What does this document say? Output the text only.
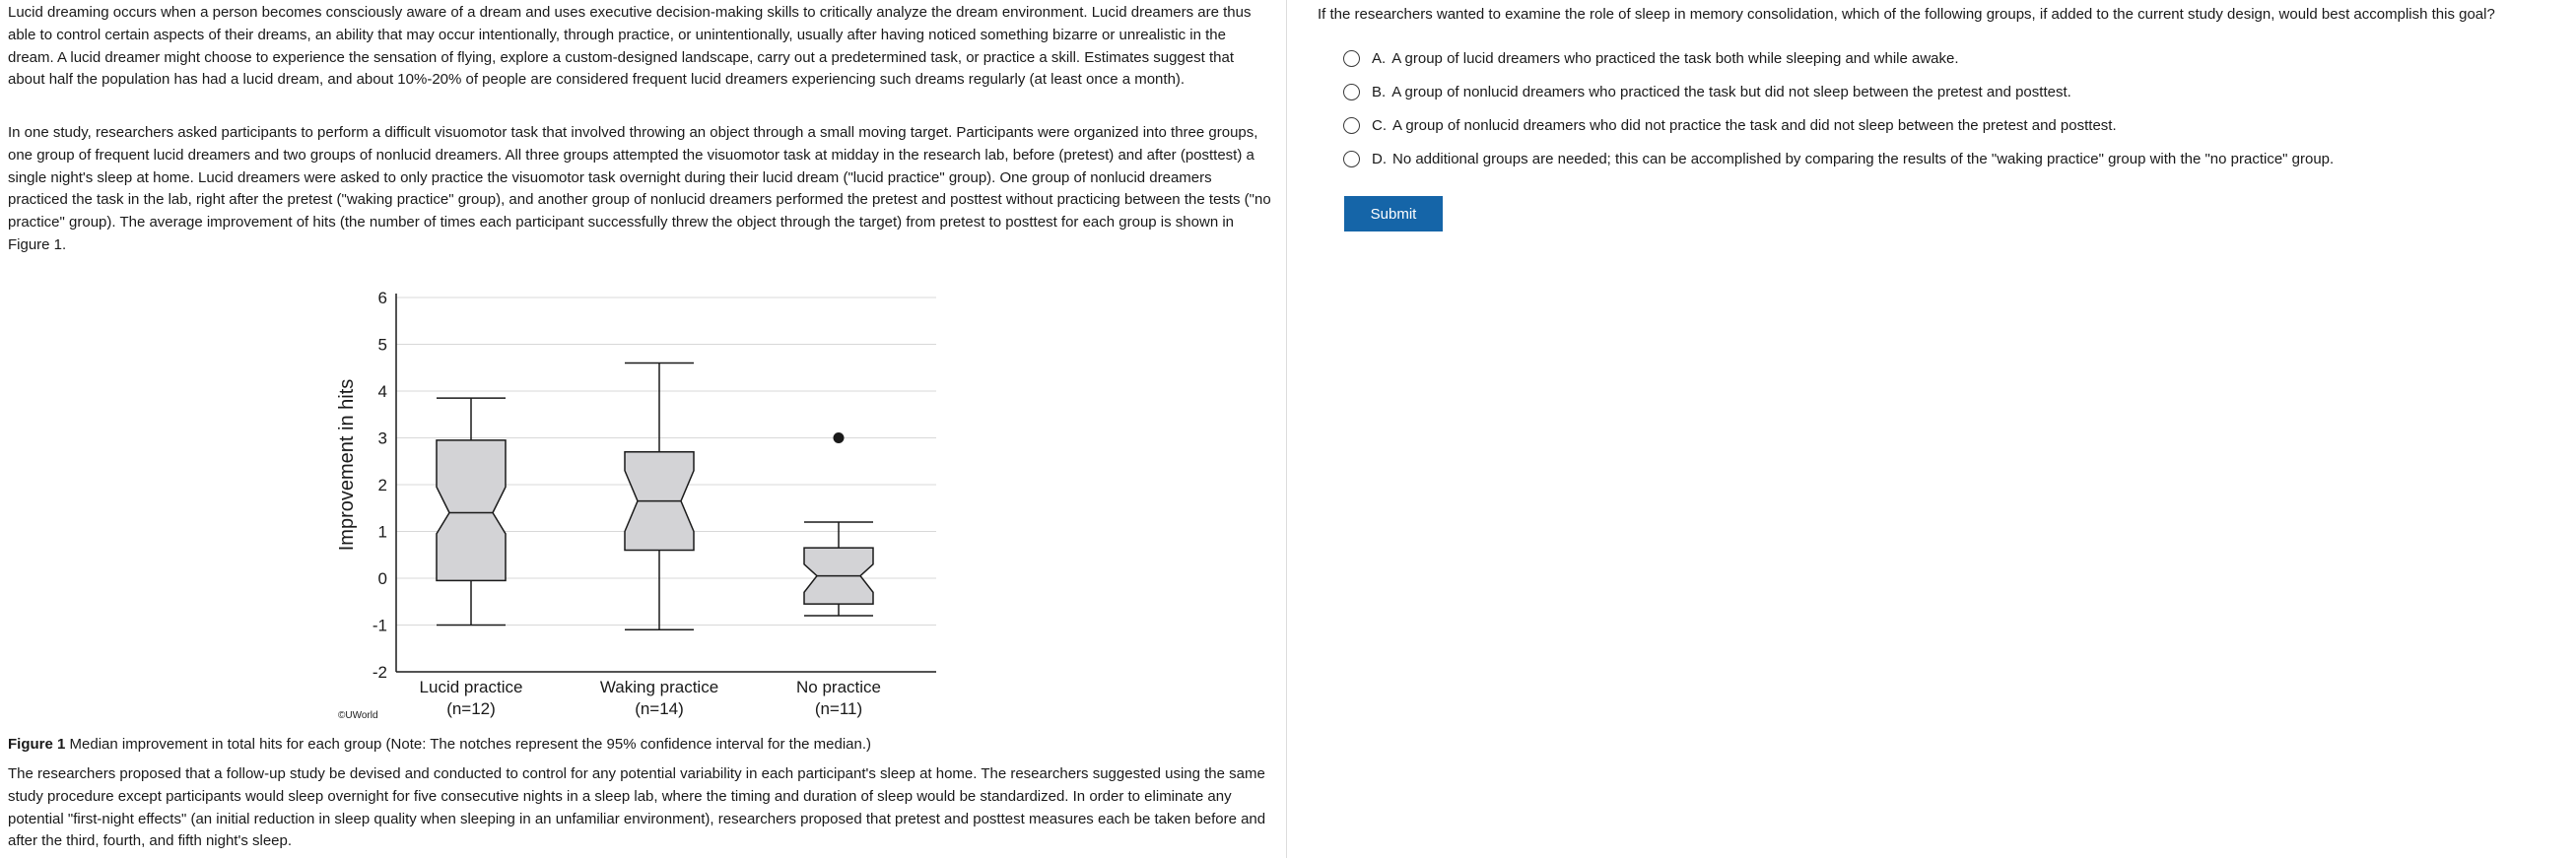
Lucid dreaming occurs when a person becomes consciously aware of a dream and uses executive decision-making skills to critically analyze the dream environment. Lucid dreamers are thus able to control certain aspects of their dreams, an ability that may occur intentionally, through practice, or unintentionally, usually after having noticed something bizarre or unrealistic in the dream. A lucid dreamer might choose to experience the sensation of flying, explore a custom-designed landscape, carry out a predetermined task, or practice a skill. Estimates suggest that about half the population has had a lucid dream, and about 10%-20% of people are considered frequent lucid dreamers experiencing such dreams regularly (at least once a month).

In one study, researchers asked participants to perform a difficult visuomotor task that involved throwing an object through a small moving target. Participants were organized into three groups, one group of frequent lucid dreamers and two groups of nonlucid dreamers. All three groups attempted the visuomotor task at midday in the research lab, before (pretest) and after (posttest) a single night's sleep at home. Lucid dreamers were asked to only practice the visuomotor task overnight during their lucid dream ("lucid practice" group). One group of nonlucid dreamers practiced the task in the lab, right after the pretest ("waking practice" group), and another group of nonlucid dreamers performed the pretest and posttest without practicing between the tests ("no practice" group). The average improvement of hits (the number of times each participant successfully threw the object through the target) from pretest to posttest for each group is shown in Figure 1.

-2
-1
0
1
2
3
4
5
6
Lucid practice
(n=12)
Waking practice
(n=14)
No practice
(n=11)
Improvement in hits
©UWorld
Figure 1 Median improvement in total hits for each group (Note: The notches represent the 95% confidence interval for the median.)

The researchers proposed that a follow-up study be devised and conducted to control for any potential variability in each participant's sleep at home. The researchers suggested using the same study procedure except participants would sleep overnight for five consecutive nights in a sleep lab, where the timing and duration of sleep would be standardized. In order to eliminate any potential "first-night effects" (an initial reduction in sleep quality when sleeping in an unfamiliar environment), researchers proposed that pretest and posttest measures each be taken before and after the third, fourth, and fifth night's sleep.

If the researchers wanted to examine the role of sleep in memory consolidation, which of the following groups, if added to the current study design, would best accomplish this goal?
A. A group of lucid dreamers who practiced the task both while sleeping and while awake.
B. A group of nonlucid dreamers who practiced the task but did not sleep between the pretest and posttest.
C. A group of nonlucid dreamers who did not practice the task and did not sleep between the pretest and posttest.
D. No additional groups are needed; this can be accomplished by comparing the results of the "waking practice" group with the "no practice" group.
Submit
